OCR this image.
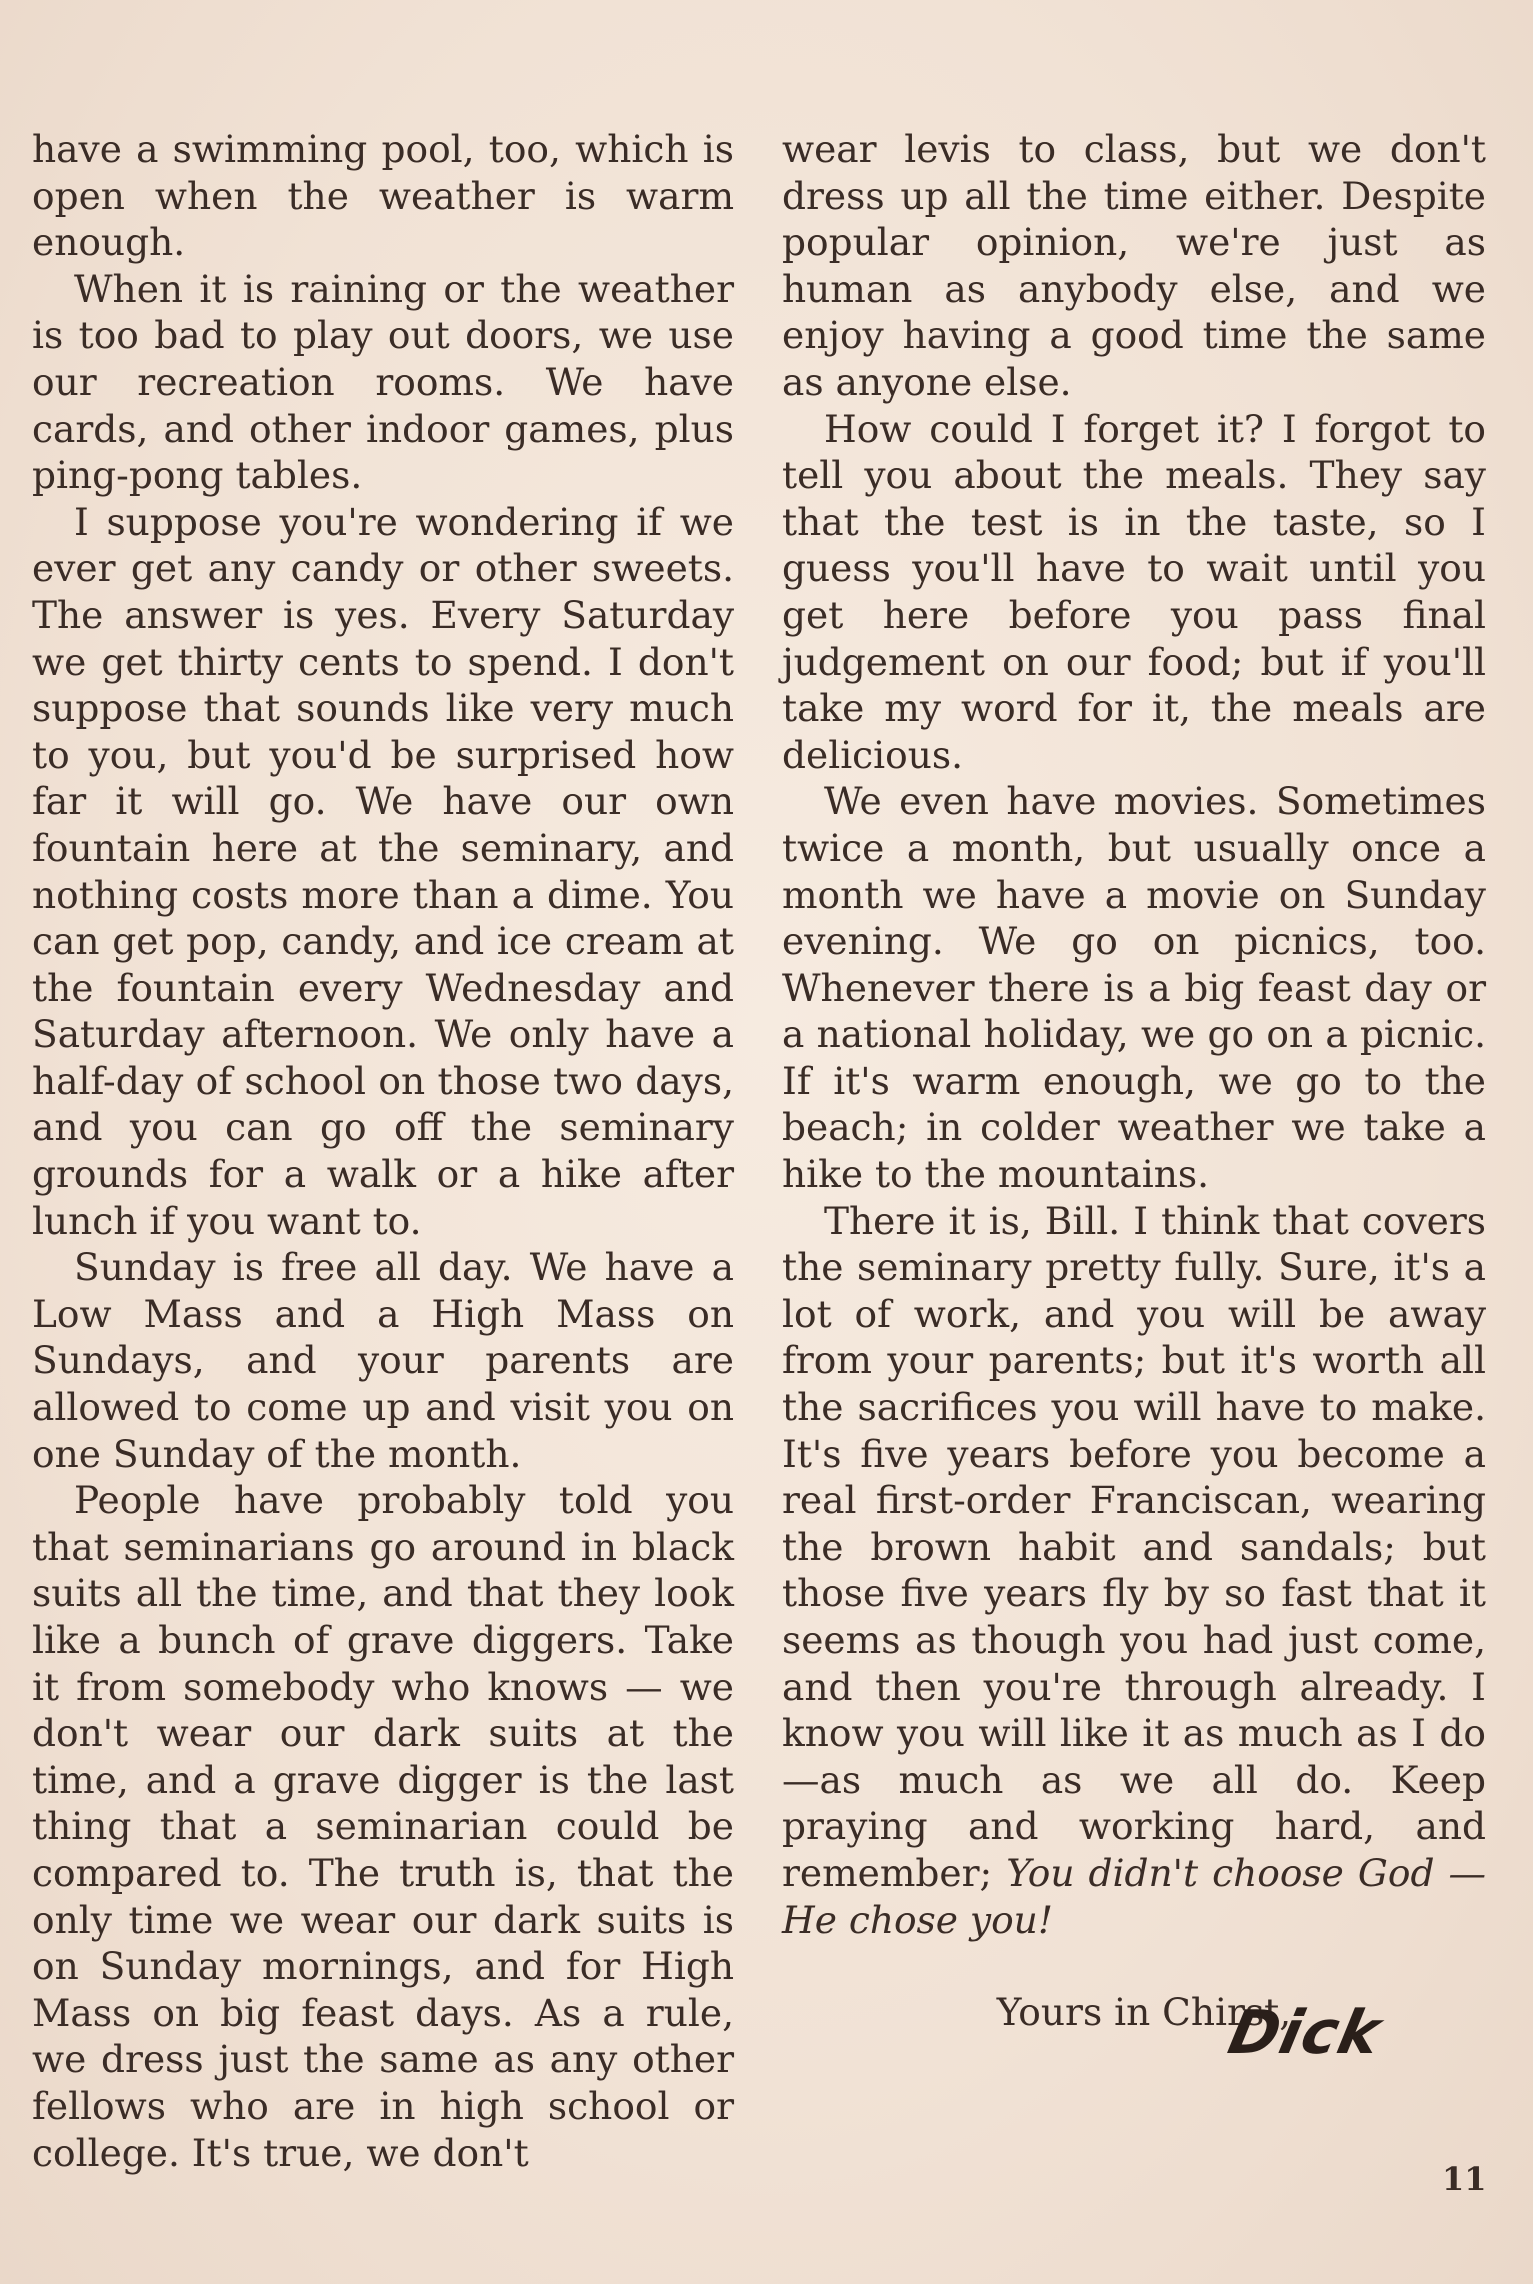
have a swimming pool, too, which is open when the weather is warm enough.

When it is raining or the weather is too bad to play out doors, we use our recreation rooms. We have cards, and other indoor games, plus ping-pong tables.

I suppose you're wondering if we ever get any candy or other sweets. The answer is yes. Every Saturday we get thirty cents to spend. I don't suppose that sounds like very much to you, but you'd be surprised how far it will go. We have our own fountain here at the seminary, and nothing costs more than a dime. You can get pop, candy, and ice cream at the fountain every Wednesday and Saturday afternoon. We only have a half-day of school on those two days, and you can go off the seminary grounds for a walk or a hike after lunch if you want to.

Sunday is free all day. We have a Low Mass and a High Mass on Sundays, and your parents are allowed to come up and visit you on one Sunday of the month.

People have probably told you that seminarians go around in black suits all the time, and that they look like a bunch of grave diggers. Take it from somebody who knows — we don't wear our dark suits at the time, and a grave digger is the last thing that a seminarian could be compared to. The truth is, that the only time we wear our dark suits is on Sunday mornings, and for High Mass on big feast days. As a rule, we dress just the same as any other fellows who are in high school or college. It's true, we don't

wear levis to class, but we don't dress up all the time either. Despite popular opinion, we're just as human as anybody else, and we enjoy having a good time the same as anyone else.

How could I forget it? I forgot to tell you about the meals. They say that the test is in the taste, so I guess you'll have to wait until you get here before you pass final judgement on our food; but if you'll take my word for it, the meals are delicious.

We even have movies. Sometimes twice a month, but usually once a month we have a movie on Sunday evening. We go on picnics, too. Whenever there is a big feast day or a national holiday, we go on a picnic. If it's warm enough, we go to the beach; in colder weather we take a hike to the mountains.

There it is, Bill. I think that covers the seminary pretty fully. Sure, it's a lot of work, and you will be away from your parents; but it's worth all the sacrifices you will have to make. It's five years before you become a real first-order Franciscan, wearing the brown habit and sandals; but those five years fly by so fast that it seems as though you had just come, and then you're through already. I know you will like it as much as I do—as much as we all do. Keep praying and working hard, and remember; You didn't choose God — He chose you!

Yours in Chirst,

Dick
11
